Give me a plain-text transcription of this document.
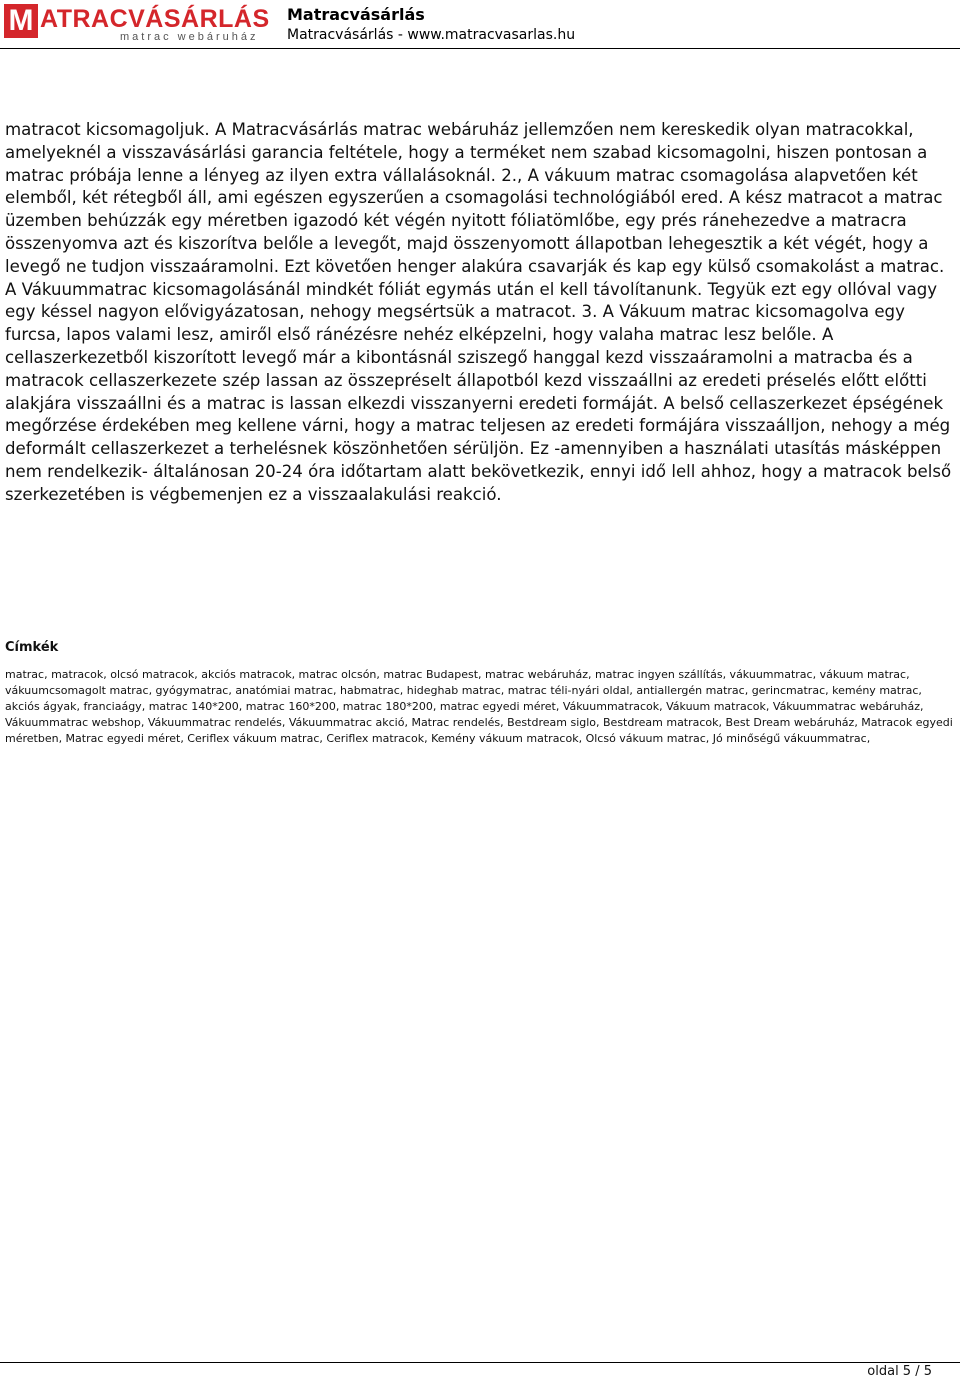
M ATRACVÁSÁRLÁS
matrac webáruház
Matracvásárlás
Matracvásárlás - www.matracvasarlas.hu

matracot kicsomagoljuk. A Matracvásárlás matrac webáruház jellemzően nem kereskedik olyan matracokkal, amelyeknél a visszavásárlási garancia feltétele, hogy a terméket nem szabad kicsomagolni, hiszen pontosan a matrac próbája lenne a lényeg az ilyen extra vállalásoknál. 2., A vákuum matrac csomagolása alapvetően két elemből, két rétegből áll, ami egészen egyszerűen a csomagolási technológiából ered. A kész matracot a matrac üzemben behúzzák egy méretben igazodó két végén nyitott fóliatömlőbe, egy prés ránehezedve a matracra összenyomva azt és kiszorítva belőle a levegőt, majd összenyomott állapotban lehegesztik a két végét, hogy a levegő ne tudjon visszaáramolni. Ezt követően henger alakúra csavarják és kap egy külső csomakolást a matrac. A Vákuummatrac kicsomagolásánál mindkét fóliát egymás után el kell távolítanunk. Tegyük ezt egy ollóval vagy egy késsel nagyon elővigyázatosan, nehogy megsértsük a matracot. 3. A Vákuum matrac kicsomagolva egy furcsa, lapos valami lesz, amiről első ránézésre nehéz elképzelni, hogy valaha matrac lesz belőle. A cellaszerkezetből kiszorított levegő már a kibontásnál sziszegő hanggal kezd visszaáramolni a matracba és a matracok cellaszerkezete szép lassan az összepréselt állapotból kezd visszaállni az eredeti préselés előtt előtti alakjára visszaállni és a matrac is lassan elkezdi visszanyerni eredeti formáját. A belső cellaszerkezet épségének megőrzése érdekében meg kellene várni, hogy a matrac teljesen az eredeti formájára visszaálljon, nehogy a még deformált cellaszerkezet a terhelésnek köszönhetően sérüljön. Ez -amennyiben a használati utasítás másképpen nem rendelkezik- általánosan 20-24 óra időtartam alatt bekövetkezik, ennyi idő lell ahhoz, hogy a matracok belső szerkezetében is végbemenjen ez a visszaalakulási reakció.

Címkék

matrac, matracok, olcsó matracok, akciós matracok, matrac olcsón, matrac Budapest, matrac webáruház, matrac ingyen szállítás, vákuummatrac, vákuum matrac, vákuumcsomagolt matrac, gyógymatrac, anatómiai matrac, habmatrac, hideghab matrac, matrac téli-nyári oldal, antiallergén matrac, gerincmatrac, kemény matrac, akciós ágyak, franciaágy, matrac 140*200, matrac 160*200, matrac 180*200, matrac egyedi méret, Vákuummatracok, Vákuum matracok, Vákuummatrac webáruház, Vákuummatrac webshop, Vákuummatrac rendelés, Vákuummatrac akció, Matrac rendelés, Bestdream siglo, Bestdream matracok, Best Dream webáruház, Matracok egyedi méretben, Matrac egyedi méret, Ceriflex vákuum matrac, Ceriflex matracok, Kemény vákuum matracok, Olcsó vákuum matrac, Jó minőségű vákuummatrac,

oldal 5 / 5
